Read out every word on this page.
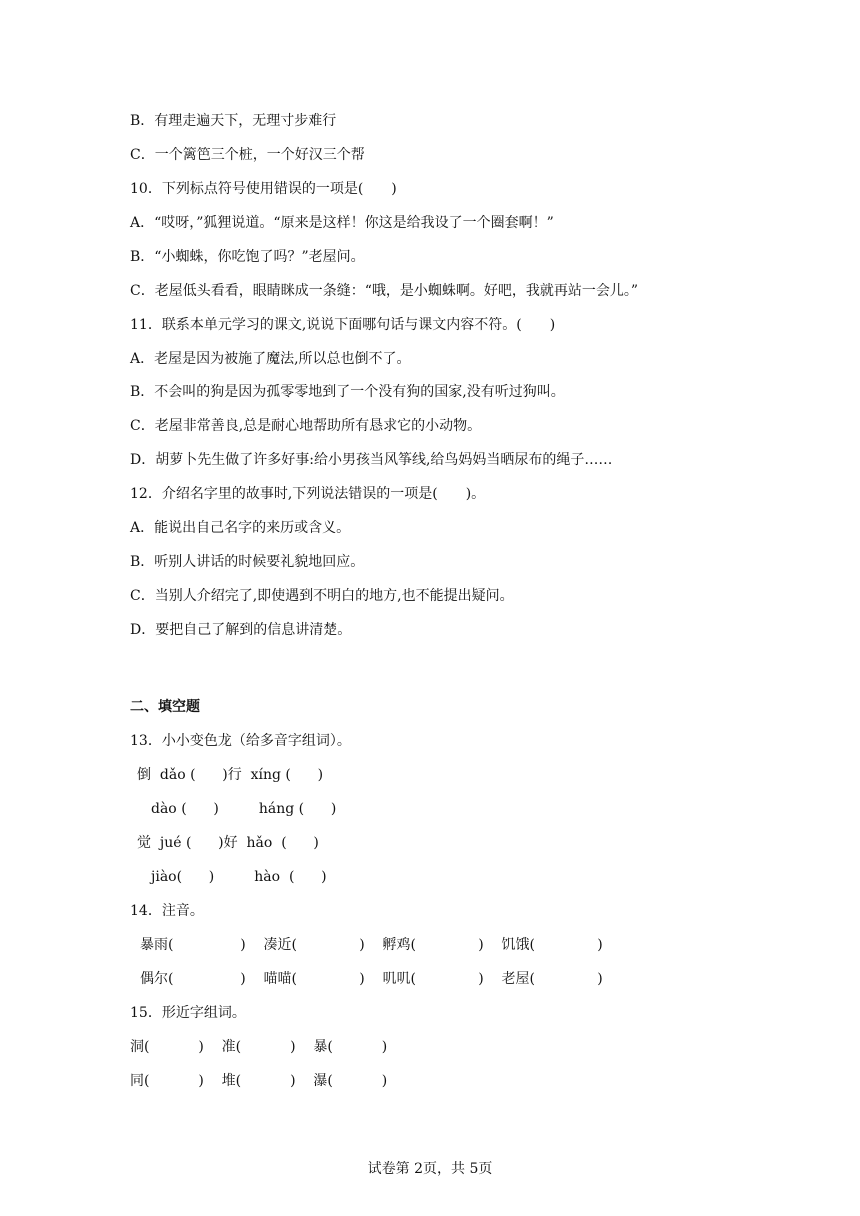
B．有理走遍天下，无理寸步难行
C．一个篱笆三个桩，一个好汉三个帮
10．下列标点符号使用错误的一项是(　　)
A．“哎呀，”狐狸说道。“原来是这样！你这是给我设了一个圈套啊！”
B．“小蜘蛛，你吃饱了吗？”老屋问。
C．老屋低头看看，眼睛眯成一条缝：“哦，是小蜘蛛啊。好吧，我就再站一会儿。”
11．联系本单元学习的课文,说说下面哪句话与课文内容不符。(　　)
A．老屋是因为被施了魔法,所以总也倒不了。
B．不会叫的狗是因为孤零零地到了一个没有狗的国家,没有听过狗叫。
C．老屋非常善良,总是耐心地帮助所有恳求它的小动物。
D．胡萝卜先生做了许多好事:给小男孩当风筝线,给鸟妈妈当晒尿布的绳子……
12．介绍名字里的故事时,下列说法错误的一项是(　　)。
A．能说出自己名字的来历或含义。
B．听别人讲话的时候要礼貌地回应。
C．当别人介绍完了,即使遇到不明白的地方,也不能提出疑问。
D．要把自己了解到的信息讲清楚。
二、填空题
13．小小变色龙（给多音字组词）。
倒  dǎo (      )行  xíng (      )
dào (      )         háng (      )
觉  jué (      )好  hǎo  (      )
jiào(      )         hào  (      )
14．注音。
暴雨(               )    凑近(              )    孵鸡(              )    饥饿(              )
偶尔(               )    喵喵(              )    叽叽(              )    老屋(              )
15．形近字组词。
洞(           )    准(           )    暴(           )
同(           )    堆(           )    瀑(           )
试卷第 2页，共 5页
